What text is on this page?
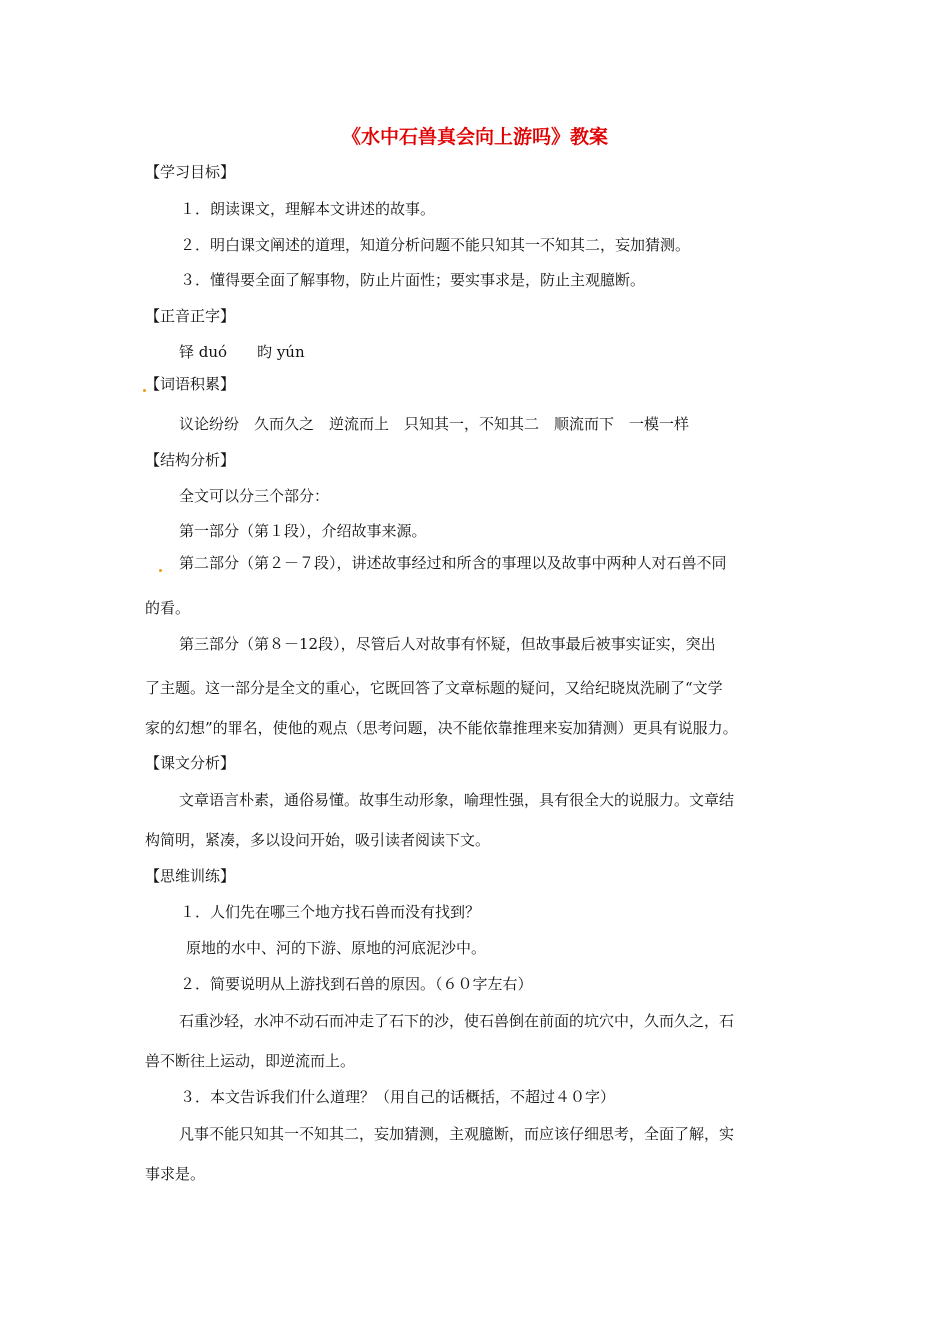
《水中石兽真会向上游吗》教案
【学习目标】
１．朗读课文，理解本文讲述的故事。
２．明白课文阐述的道理，知道分析问题不能只知其一不知其二，妄加猜测。
３．懂得要全面了解事物，防止片面性；要实事求是，防止主观臆断。
【正音正字】
铎 duó 昀 yún
【词语积累】
议论纷纷　久而久之　逆流而上　只知其一，不知其二　顺流而下　一模一样
【结构分析】
全文可以分三个部分：
第一部分（第１段），介绍故事来源。
第二部分（第２－７段），讲述故事经过和所含的事理以及故事中两种人对石兽不同
的看。
第三部分（第８－12段），尽管后人对故事有怀疑，但故事最后被事实证实，突出
了主题。这一部分是全文的重心，它既回答了文章标题的疑问，又给纪晓岚洗刷了“文学
家的幻想”的罪名，使他的观点（思考问题，决不能依靠推理来妄加猜测）更具有说服力。
【课文分析】
文章语言朴素，通俗易懂。故事生动形象，喻理性强，具有很全大的说服力。文章结
构简明，紧凑，多以设问开始，吸引读者阅读下文。
【思维训练】
１．人们先在哪三个地方找石兽而没有找到？
原地的水中、河的下游、原地的河底泥沙中。
２．简要说明从上游找到石兽的原因。（６０字左右）
石重沙轻，水冲不动石而冲走了石下的沙，使石兽倒在前面的坑穴中，久而久之，石
兽不断往上运动，即逆流而上。
３．本文告诉我们什么道理？（用自己的话概括，不超过４０字）
凡事不能只知其一不知其二，妄加猜测，主观臆断，而应该仔细思考，全面了解，实
事求是。
